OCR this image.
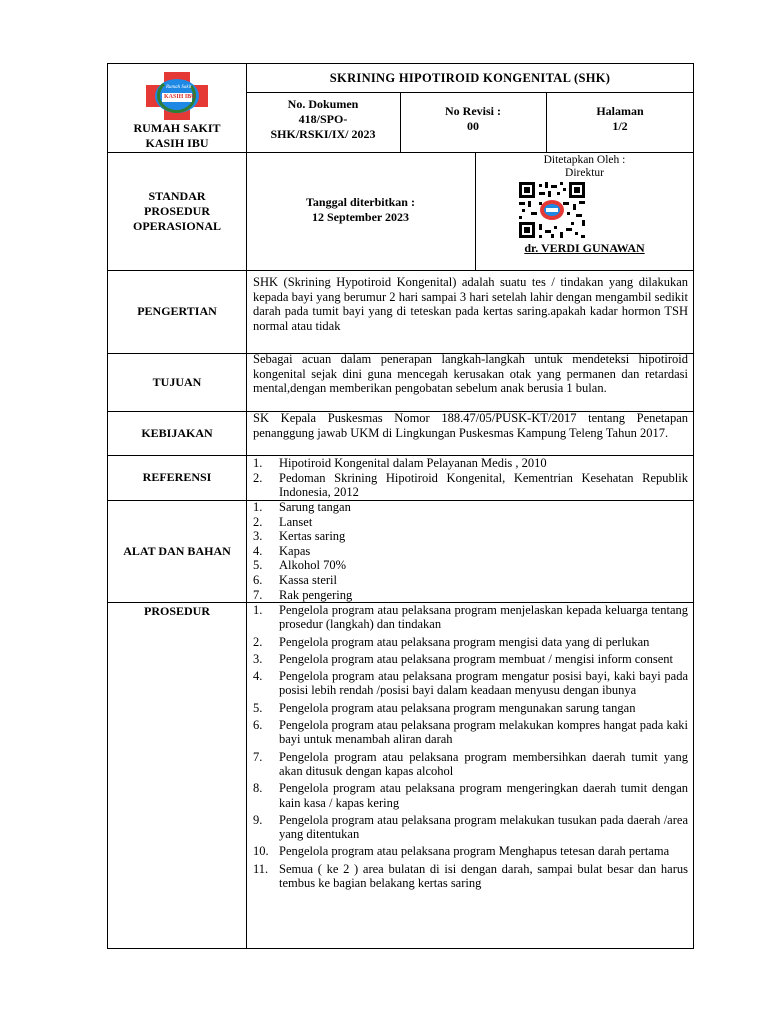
Rumah Sakit
KASIH IBU
RUMAH SAKIT KASIH IBU
SKRINING HIPOTIROID KONGENITAL (SHK)
No. Dokumen
418/SPO-SHK/RSKI/IX/ 2023
No Revisi :
00
Halaman
1/2
STANDAR PROSEDUR OPERASIONAL
Tanggal diterbitkan :
12 September 2023
Ditetapkan Oleh :
Direktur
dr. VERDI GUNAWAN
PENGERTIAN
SHK (Skrining Hypotiroid Kongenital) adalah suatu tes / tindakan yang dilakukan kepada bayi yang berumur 2 hari sampai 3 hari setelah lahir dengan mengambil sedikit darah pada tumit bayi yang di teteskan pada kertas saring.apakah kadar hormon TSH normal atau tidak
TUJUAN
Sebagai acuan dalam penerapan langkah-langkah untuk mendeteksi hipotiroid kongenital sejak dini guna mencegah kerusakan otak yang permanen dan retardasi mental,dengan memberikan pengobatan sebelum anak berusia 1 bulan.
KEBIJAKAN
SK Kepala Puskesmas Nomor 188.47/05/PUSK-KT/2017 tentang Penetapan penanggung jawab UKM di Lingkungan Puskesmas Kampung Teleng Tahun 2017.
REFERENSI
1. Hipotiroid Kongenital dalam Pelayanan Medis , 2010
2. Pedoman Skrining Hipotiroid Kongenital, Kementrian Kesehatan Republik Indonesia, 2012
ALAT DAN BAHAN
1. Sarung tangan
2. Lanset
3. Kertas saring
4. Kapas
5. Alkohol 70%
6. Kassa steril
7. Rak pengering
PROSEDUR	1. Pengelola program atau pelaksana program menjelaskan kepada keluarga tentang prosedur (langkah) dan tindakan
2. Pengelola program atau pelaksana program mengisi data yang di perlukan
3. Pengelola program atau pelaksana program membuat / mengisi inform consent
4. Pengelola program atau pelaksana program mengatur posisi bayi, kaki bayi pada posisi lebih rendah /posisi bayi dalam keadaan menyusu dengan ibunya
5. Pengelola program atau pelaksana program mengunakan sarung tangan
6. Pengelola program atau pelaksana program melakukan kompres hangat pada kaki bayi untuk menambah aliran darah
7. Pengelola program atau pelaksana program membersihkan daerah tumit yang akan ditusuk dengan kapas alcohol
8. Pengelola program atau pelaksana program mengeringkan daerah tumit dengan kain kasa / kapas kering
9. Pengelola program atau pelaksana program melakukan tusukan pada daerah /area yang ditentukan
10. Pengelola program atau pelaksana program Menghapus tetesan darah pertama
11. Semua ( ke 2 ) area bulatan di isi dengan darah, sampai bulat besar dan harus tembus ke bagian belakang kertas saring
